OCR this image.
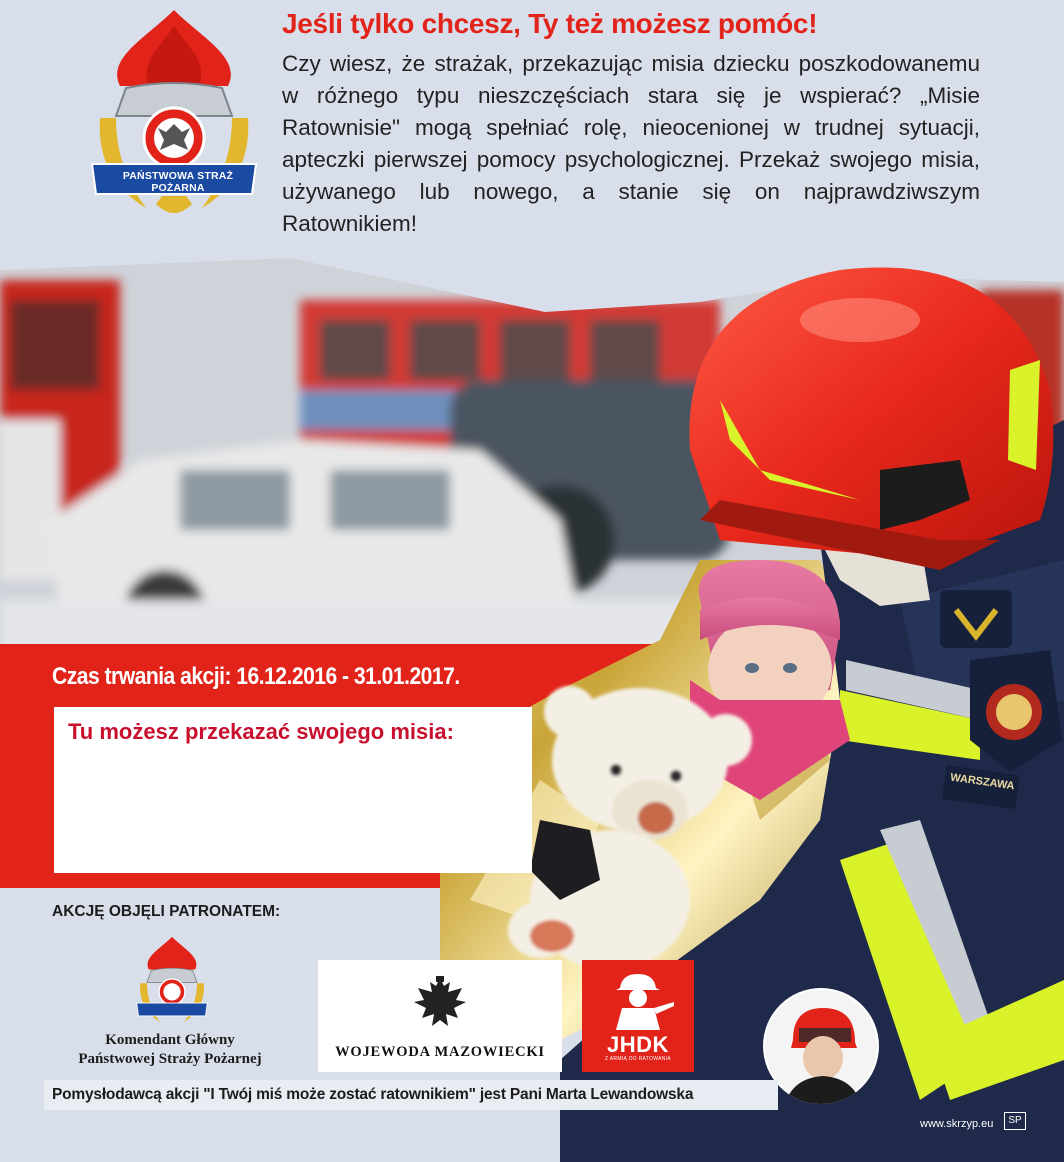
PAŃSTWOWA STRAŻ POŻARNA
Jeśli tylko chcesz, Ty też możesz pomóc!
Czy wiesz, że strażak, przekazując misia dziecku poszkodowanemu w różnego typu nieszczęściach stara się je wspierać? „Misie Ratownisie" mogą spełniać rolę, nieocenionej w trudnej sytuacji, apteczki pierwszej pomocy psychologicznej. Przekaż swojego misia, używanego lub nowego, a stanie się on najprawdziwszym Ratownikiem!
Czas trwania akcji: 16.12.2016 - 31.01.2017.
Tu możesz przekazać swojego misia:
WARSZAWA
AKCJĘ OBJĘLI PATRONATEM:
Komendant Główny
Państwowej Straży Pożarnej	WOJEWODA MAZOWIECKI	JHDK
Z ARMIĄ DO RATOWANIA
Pomysłodawcą akcji "I Twój miś może zostać ratownikiem" jest Pani Marta Lewandowska
www.skrzyp.eu	SP
